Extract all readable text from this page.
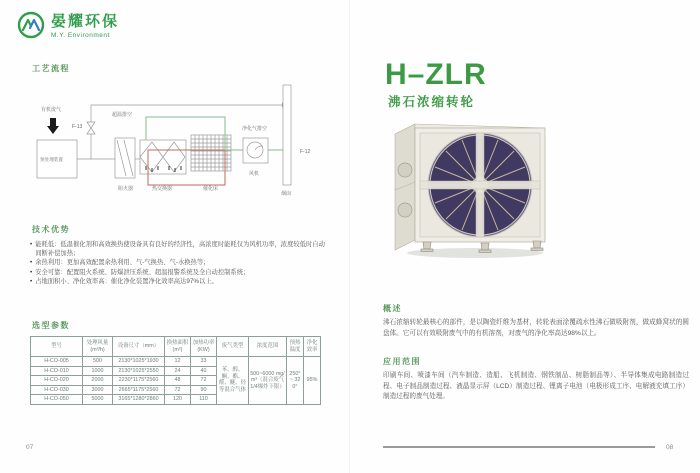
晏耀环保
M.Y. Environment
工艺流程
超温排空
有机废气
预处理装置
F-13
阻火器	热交换器	催化床
净化气排空
风机
烟囱
F-12
技术优势
• 能耗低：低温催化剂和高效换热使设备具有良好的经济性，高浓度时能耗仅为风机功率，浓度较低时自动间断补偿加热；
• 余热利用：更加高效配置余热利用、气-气换热、气-水换热等；
• 安全可靠：配置阻火系统、防爆泄压系统、超温报警系统及全自动控制系统；
• 占地面积小、净化效率高：催化净化装置净化效率高达97%以上。
选型参数
型号	处理风量 (m³/h)	设备尺寸（mm）	换热面积 (m²)	加热功率 (KW)	废气类型	浓度范围	预热 温度	净化 效率
H-CO-005	500	2130*1025*1930	12	33	苯、醇、酮、酯、醛、醚、烃等混合气体	500~6000 mg/m³（混合废气1/4爆炸下限）	250° ~ 320°	95%
H-CO-010	1000	2130*1025*2550	24	40				
H-CO-020	2000	2230*1175*2560	48	72				
H-CO-030	3000	2665*1175*2560	72	90				
H-CO-050	5000	3165*1280*2860	120	110				
H–ZLR
沸石浓缩转轮
概述
沸石浓缩转轮最核心的部件，是以陶瓷纤维为基材，转轮表面涂覆疏水性沸石做吸附剂，做成蜂窝状的圆盘体。它可以有效吸附废气中的有机溶剂，对废气的净化率高达98%以上。
应用范围
印刷车间、喷漆车间（汽车制造、造船、飞机制造、钢铁制品、树脂制品等）、半导体集成电路制造过程、电子制品制造过程、液晶显示屏（LCD）制造过程、锂离子电池（电极形成工序、电解液充填工序）制造过程的废气处理。
07	08
